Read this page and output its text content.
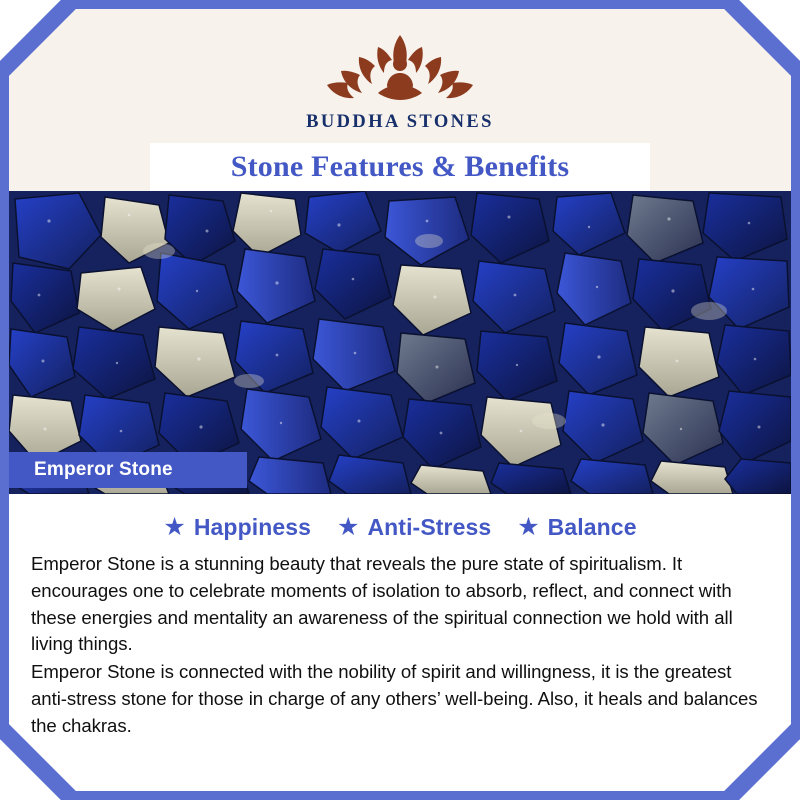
BUDDHA STONES
Stone Features & Benefits
Emperor Stone
★ Happiness ★ Anti-Stress ★ Balance

Emperor Stone is a stunning beauty that reveals the pure state of spiritualism. It encourages one to celebrate moments of isolation to absorb, reflect, and connect with these energies and mentality an awareness of the spiritual connection we hold with all living things.

Emperor Stone is connected with the nobility of spirit and willingness, it is the greatest anti-stress stone for those in charge of any others’ well-being. Also, it heals and balances the chakras.
